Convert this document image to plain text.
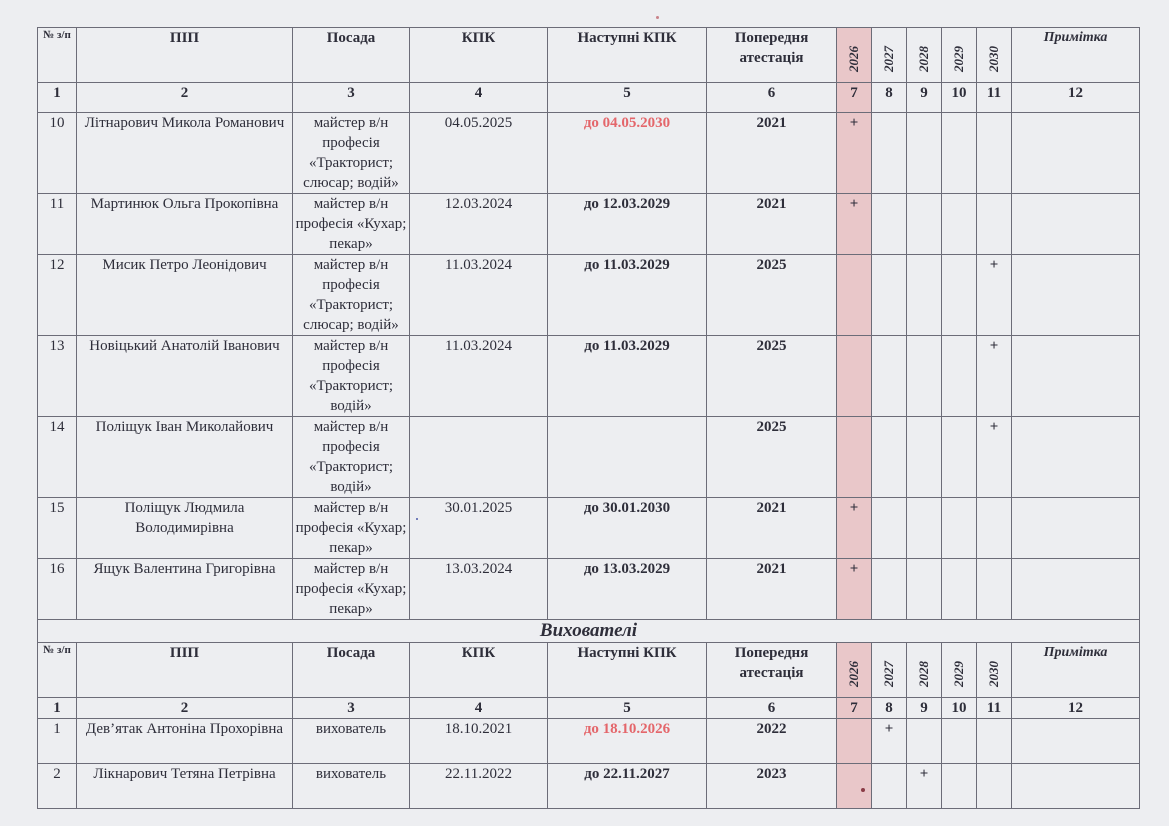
№ з/п	ПІП	Посада	КПК	Наступні КПК	Попередня атестація	2026	2027	2028	2029	2030	Примітка
1	2	3	4	5	6	7	8	9	10	11	12
10	Літнарович Микола Романович	майстер в/н професія «Тракторист; слюсар; водій»	04.05.2025	до 04.05.2030	2021	+					
11	Мартинюк Ольга Прокопівна	майстер в/н професія «Кухар; пекар»	12.03.2024	до 12.03.2029	2021	+					
12	Мисик Петро Леонідович	майстер в/н професія «Тракторист; слюсар; водій»	11.03.2024	до 11.03.2029	2025					+	
13	Новіцький Анатолій Іванович	майстер в/н професія «Тракторист; водій»	11.03.2024	до 11.03.2029	2025					+	
14	Поліщук Іван Миколайович	майстер в/н професія «Тракторист; водій»			2025					+	
15	Поліщук Людмила Володимирівна	майстер в/н професія «Кухар; пекар»	30.01.2025	до 30.01.2030	2021	+					
16	Ящук Валентина Григорівна	майстер в/н професія «Кухар; пекар»	13.03.2024	до 13.03.2029	2021	+					
Вихователі											
№ з/п	ПІП	Посада	КПК	Наступні КПК	Попередня атестація	2026	2027	2028	2029	2030	Примітка
1	2	3	4	5	6	7	8	9	10	11	12
1	Дев’ятак Антоніна Прохорівна	вихователь	18.10.2021	до 18.10.2026	2022		+				
2	Лікнарович Тетяна Петрівна	вихователь	22.11.2022	до 22.11.2027	2023			+			
